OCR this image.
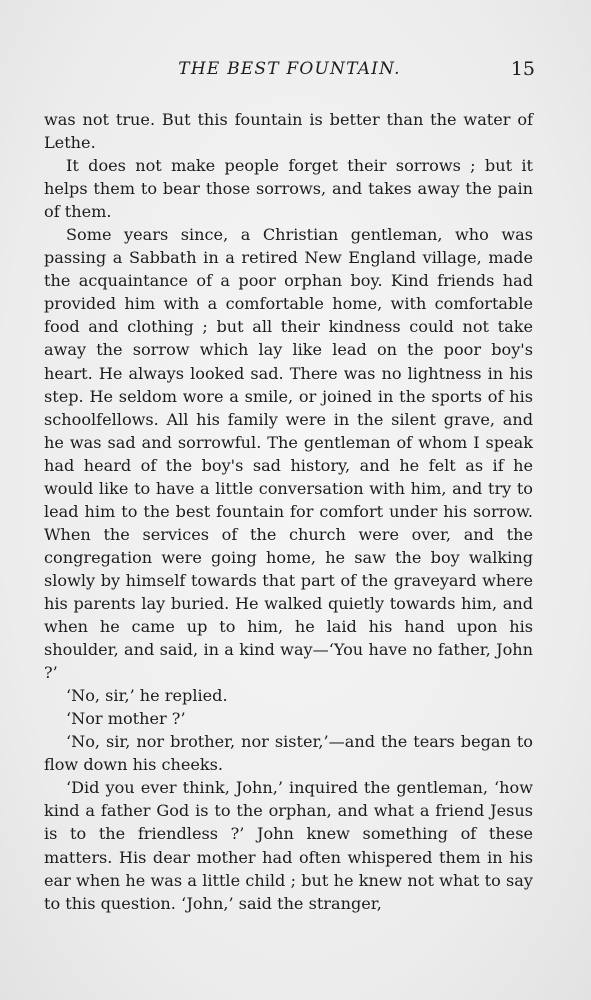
THE BEST FOUNTAIN.	15

was not true. But this fountain is better than the water of Lethe.

It does not make people forget their sorrows ; but it helps them to bear those sorrows, and takes away the pain of them.

Some years since, a Christian gentleman, who was passing a Sabbath in a retired New England village, made the acquaintance of a poor orphan boy. Kind friends had provided him with a comfortable home, with comfortable food and clothing ; but all their kindness could not take away the sorrow which lay like lead on the poor boy's heart. He always looked sad. There was no lightness in his step. He seldom wore a smile, or joined in the sports of his schoolfellows. All his family were in the silent grave, and he was sad and sorrowful. The gentleman of whom I speak had heard of the boy's sad history, and he felt as if he would like to have a little conversation with him, and try to lead him to the best fountain for comfort under his sorrow. When the services of the church were over, and the congregation were going home, he saw the boy walking slowly by himself towards that part of the graveyard where his parents lay buried. He walked quietly towards him, and when he came up to him, he laid his hand upon his shoulder, and said, in a kind way—‘You have no father, John ?’

‘No, sir,’ he replied.

‘Nor mother ?’

‘No, sir, nor brother, nor sister,’—and the tears began to flow down his cheeks.

‘Did you ever think, John,’ inquired the gentleman, ‘how kind a father God is to the orphan, and what a friend Jesus is to the friendless ?’ John knew something of these matters. His dear mother had often whispered them in his ear when he was a little child ; but he knew not what to say to this question. ‘John,’ said the stranger,
